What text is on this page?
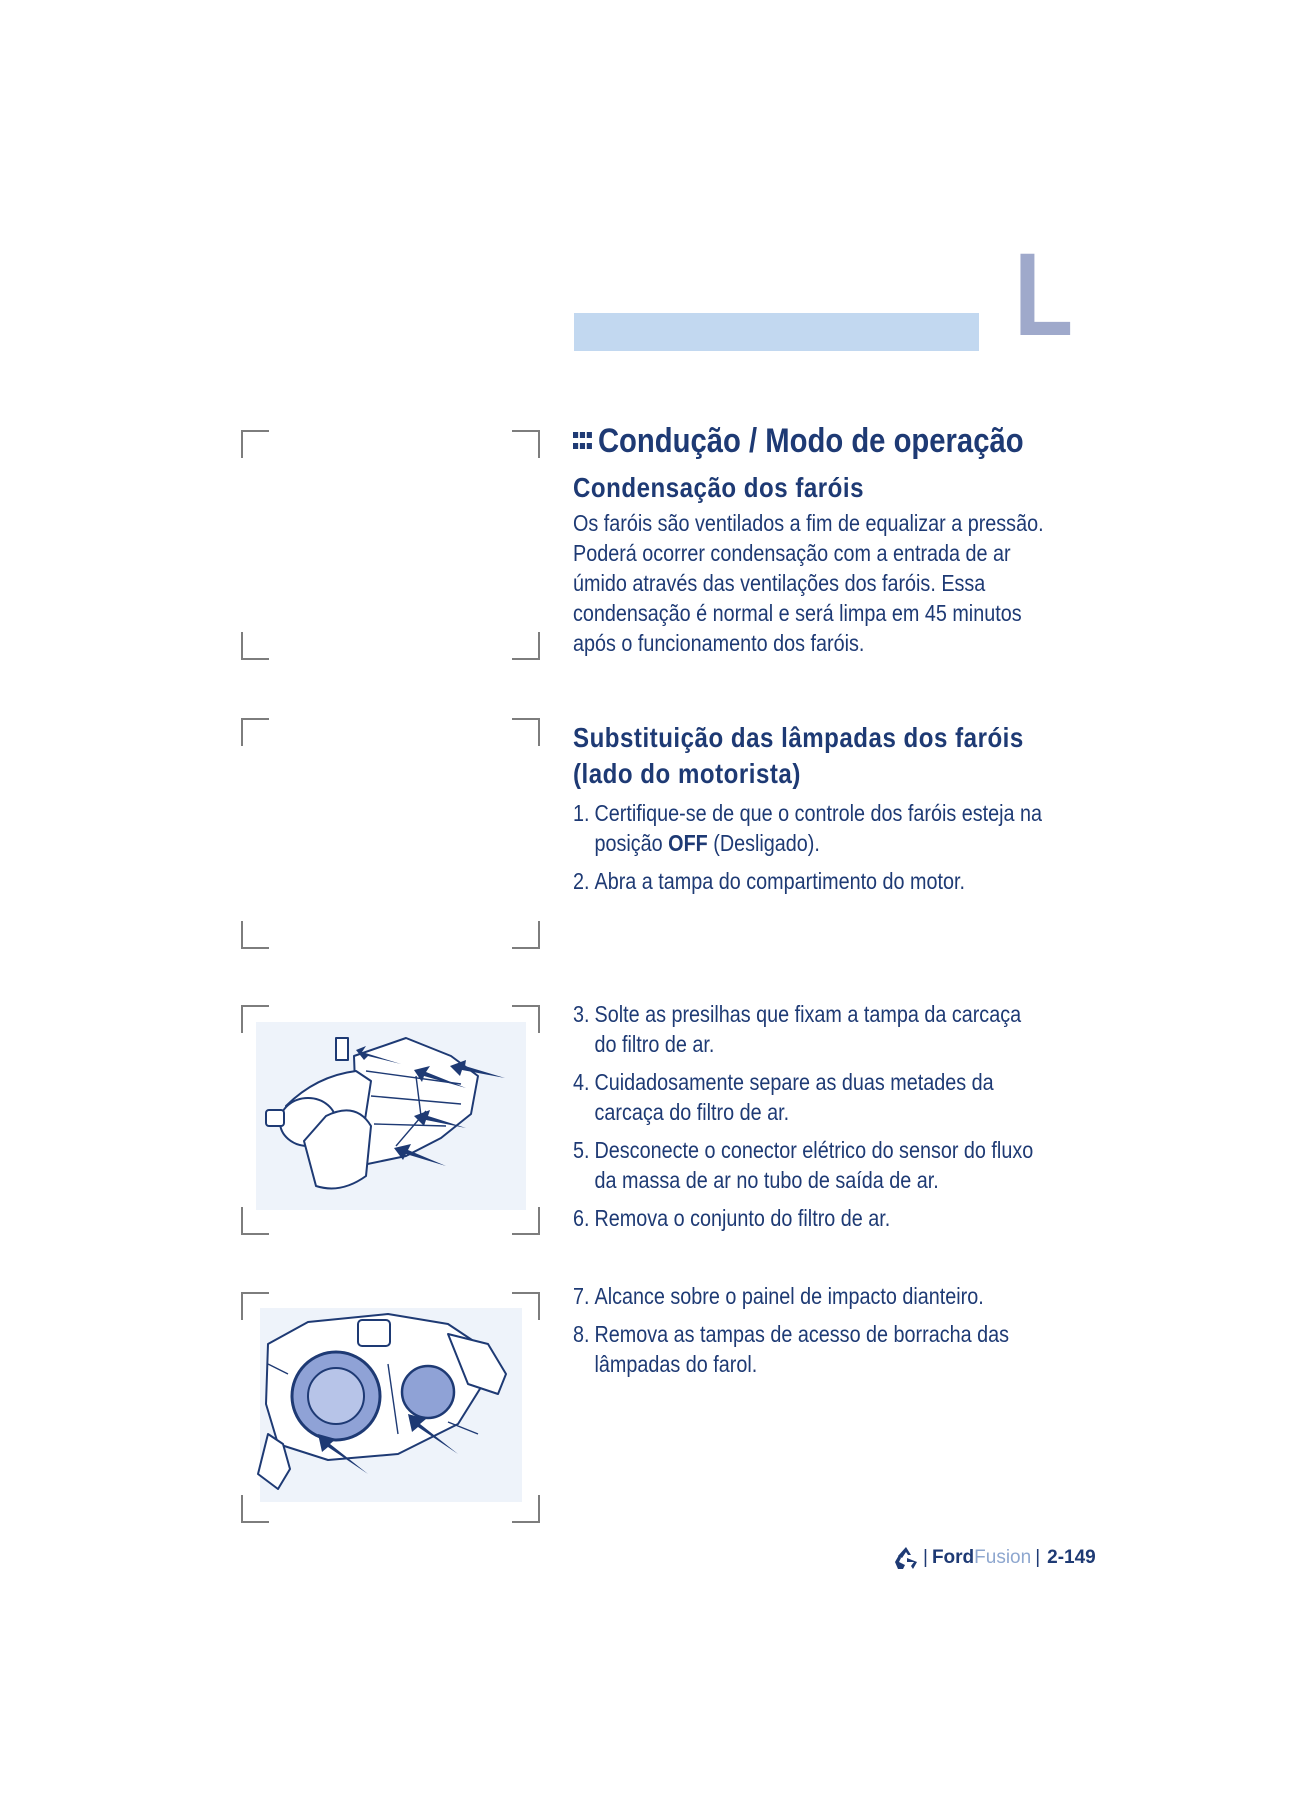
L
Condução / Modo de operação
Condensação dos faróis

Os faróis são ventilados a fim de equalizar a pressão.

Poderá ocorrer condensação com a entrada de ar

úmido através das ventilações dos faróis. Essa

condensação é normal e será limpa em 45 minutos

após o funcionamento dos faróis.

Substituição das lâmpadas dos faróis
(lado do motorista)
1. Certifique-se de que o controle dos faróis esteja na
posição OFF (Desligado).
2. Abra a tampa do compartimento do motor.
3. Solte as presilhas que fixam a tampa da carcaça
do filtro de ar.
4. Cuidadosamente separe as duas metades da
carcaça do filtro de ar.
5. Desconecte o conector elétrico do sensor do fluxo
da massa de ar no tubo de saída de ar.
6. Remova o conjunto do filtro de ar.
7. Alcance sobre o painel de impacto dianteiro.
8. Remova as tampas de acesso de borracha das
lâmpadas do farol.
| Ford Fusion | 2-149
